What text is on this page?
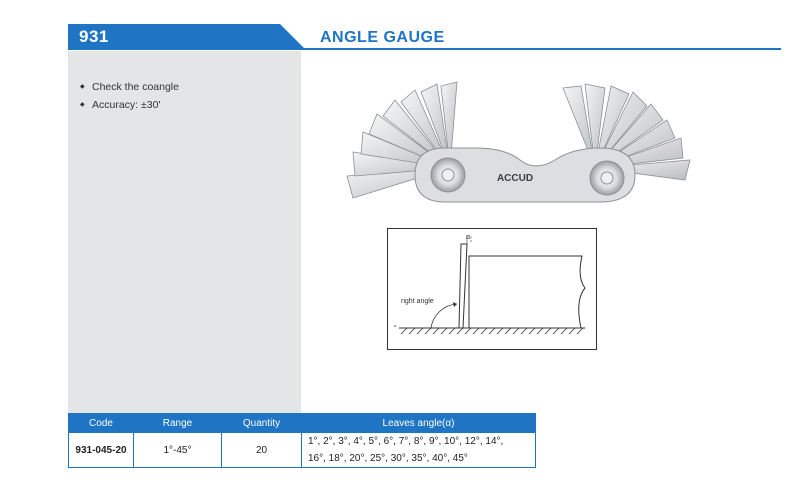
931	ANGLE GAUGE
◆ Check the coangle
◆ Accuracy: ±30'
ACCUD
α
right angle
Code	Range	Quantity	Leaves angle(α)
931-045-20	1°-45°	20	1°, 2°, 3°, 4°, 5°, 6°, 7°, 8°, 9°, 10°, 12°, 14°,
16°, 18°, 20°, 25°, 30°, 35°, 40°, 45°
